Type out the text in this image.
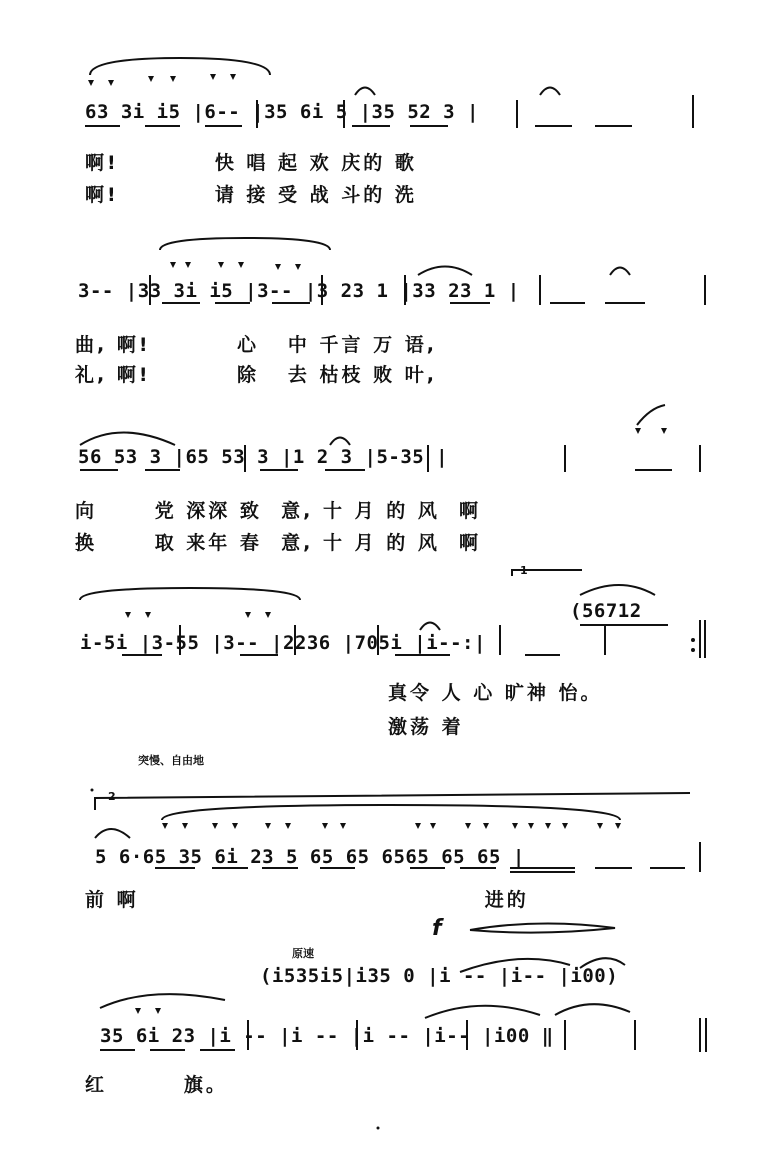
63 3i i5 |6-- |35 6i 5 |35 52 3 |
啊!          快 唱 起 欢 庆的 歌
啊!          请 接 受 战 斗的 洗
3-- |33 3i i5 |3-- |3 23 1 |33 23 1 |
曲, 啊!         心   中 千言 万 语,
礼, 啊!         除   去 枯枝 败 叶,
56 53 3 |65 53 3 |1 2 3 |5-35 |
向      党 深深 致  意, 十 月 的 风  啊
换      取 来年 春  意, 十 月 的 风  啊
1
(56712
i-5i |3-55 |3-- |2236 |705i |i--:|
真令 人 心 旷神 怡。
激荡 着
突慢、自由地
2
5 6·65 35 6i 23 5 65 65 6565 65 65 |
前 啊                                    进的
f
原速
(i535i5|i35 0 |i -- |i-- |i00)
35 6i 23 |i -- |i -- |i -- |i-- |i00 ‖
红        旗。
